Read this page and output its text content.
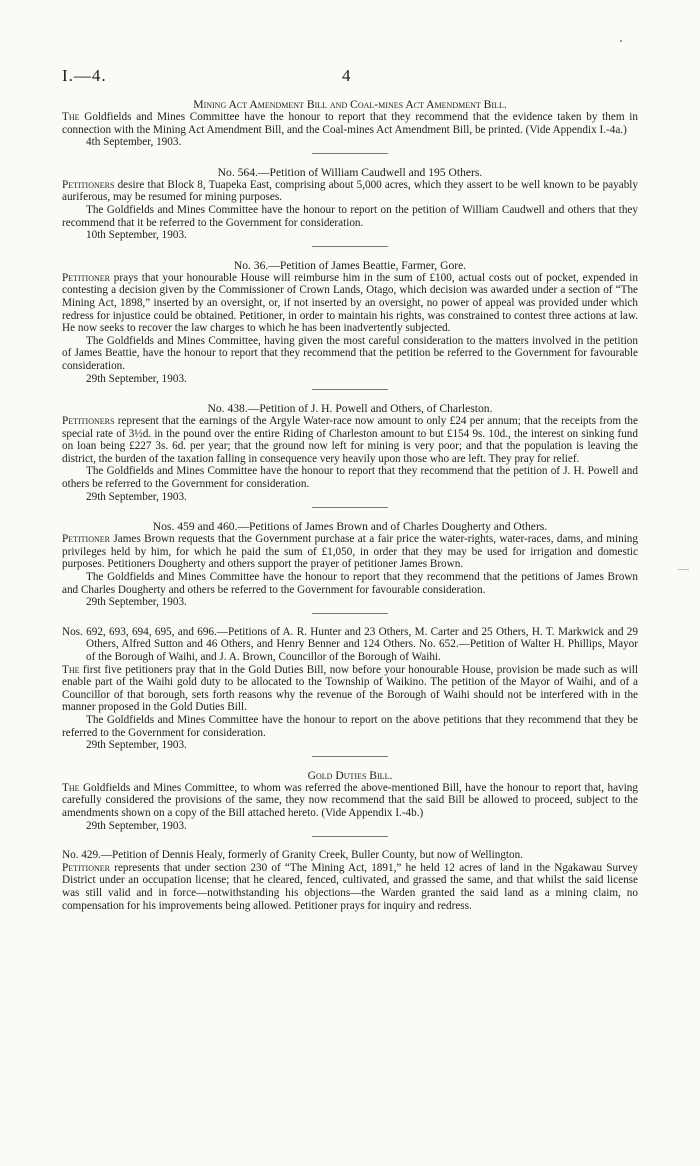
—
I.—4.	4
Mining Act Amendment Bill and Coal-mines Act Amendment Bill.
The Goldfields and Mines Committee have the honour to report that they recommend that the evidence taken by them in connection with the Mining Act Amendment Bill, and the Coal-mines Act Amendment Bill, be printed. (Vide Appendix I.-4a.)
4th September, 1903.
No. 564.—Petition of William Caudwell and 195 Others.
Petitioners desire that Block 8, Tuapeka East, comprising about 5,000 acres, which they assert to be well known to be payably auriferous, may be resumed for mining purposes.
The Goldfields and Mines Committee have the honour to report on the petition of William Caudwell and others that they recommend that it be referred to the Government for consideration.
10th September, 1903.
No. 36.—Petition of James Beattie, Farmer, Gore.
Petitioner prays that your honourable House will reimburse him in the sum of £100, actual costs out of pocket, expended in contesting a decision given by the Commissioner of Crown Lands, Otago, which decision was awarded under a section of “The Mining Act, 1898,” inserted by an oversight, or, if not inserted by an oversight, no power of appeal was provided under which redress for injustice could be obtained. Petitioner, in order to maintain his rights, was constrained to contest three actions at law. He now seeks to recover the law charges to which he has been inadvertently subjected.
The Goldfields and Mines Committee, having given the most careful consideration to the matters involved in the petition of James Beattie, have the honour to report that they recommend that the petition be referred to the Government for favourable consideration.
29th September, 1903.
No. 438.—Petition of J. H. Powell and Others, of Charleston.
Petitioners represent that the earnings of the Argyle Water-race now amount to only £24 per annum; that the receipts from the special rate of 3½d. in the pound over the entire Riding of Charleston amount to but £154 9s. 10d., the interest on sinking fund on loan being £227 3s. 6d. per year; that the ground now left for mining is very poor; and that the population is leaving the district, the burden of the taxation falling in consequence very heavily upon those who are left. They pray for relief.
The Goldfields and Mines Committee have the honour to report that they recommend that the petition of J. H. Powell and others be referred to the Government for consideration.
29th September, 1903.
Nos. 459 and 460.—Petitions of James Brown and of Charles Dougherty and Others.
Petitioner James Brown requests that the Government purchase at a fair price the water-rights, water-races, dams, and mining privileges held by him, for which he paid the sum of £1,050, in order that they may be used for irrigation and domestic purposes. Petitioners Dougherty and others support the prayer of petitioner James Brown.
The Goldfields and Mines Committee have the honour to report that they recommend that the petitions of James Brown and Charles Dougherty and others be referred to the Government for favourable consideration.
29th September, 1903.
Nos. 692, 693, 694, 695, and 696.—Petitions of A. R. Hunter and 23 Others, M. Carter and 25 Others, H. T. Markwick and 29 Others, Alfred Sutton and 46 Others, and Henry Benner and 124 Others. No. 652.—Petition of Walter H. Phillips, Mayor of the Borough of Waihi, and J. A. Brown, Councillor of the Borough of Waihi.
The first five petitioners pray that in the Gold Duties Bill, now before your honourable House, provision be made such as will enable part of the Waihi gold duty to be allocated to the Township of Waikino. The petition of the Mayor of Waihi, and of a Councillor of that borough, sets forth reasons why the revenue of the Borough of Waihi should not be interfered with in the manner proposed in the Gold Duties Bill.
The Goldfields and Mines Committee have the honour to report on the above petitions that they recommend that they be referred to the Government for consideration.
29th September, 1903.
Gold Duties Bill.
The Goldfields and Mines Committee, to whom was referred the above-mentioned Bill, have the honour to report that, having carefully considered the provisions of the same, they now recommend that the said Bill be allowed to proceed, subject to the amendments shown on a copy of the Bill attached hereto. (Vide Appendix I.-4b.)
29th September, 1903.
No. 429.—Petition of Dennis Healy, formerly of Granity Creek, Buller County, but now of Wellington.
Petitioner represents that under section 230 of “The Mining Act, 1891,” he held 12 acres of land in the Ngakawau Survey District under an occupation license; that he cleared, fenced, cultivated, and grassed the same, and that whilst the said license was still valid and in force—notwithstanding his objections—the Warden granted the said land as a mining claim, no compensation for his improvements being allowed. Petitioner prays for inquiry and redress.
